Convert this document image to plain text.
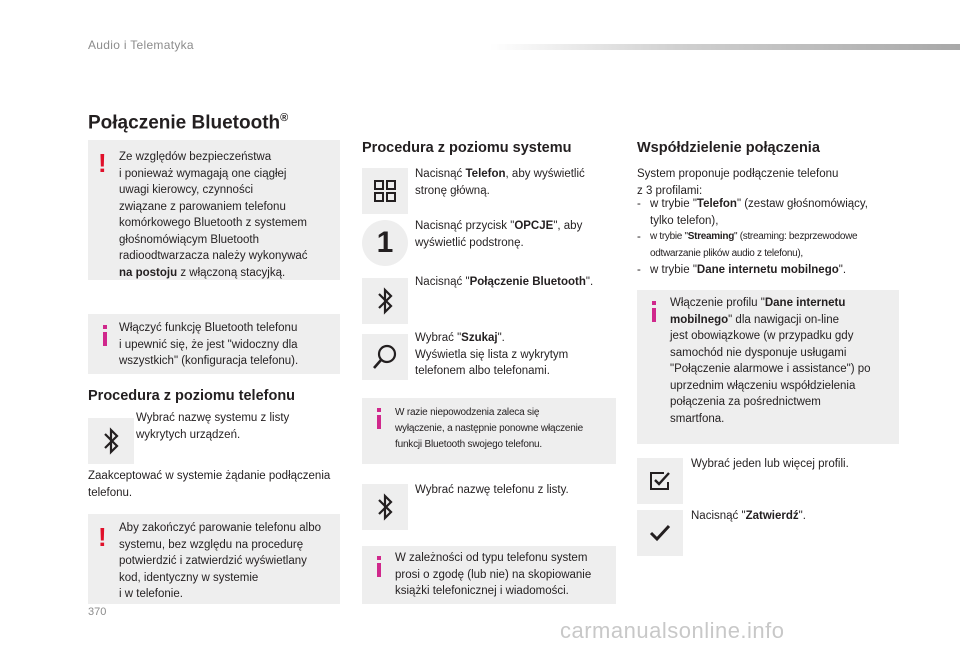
Audio i Telematyka
Połączenie Bluetooth®
! Ze względów bezpieczeństwa
i ponieważ wymagają one ciągłej
uwagi kierowcy, czynności
związane z parowaniem telefonu
komórkowego Bluetooth z systemem
głośnomówiącym Bluetooth
radioodtwarzacza należy wykonywać
na postoju z włączoną stacyjką.
Włączyć funkcję Bluetooth telefonu
i upewnić się, że jest "widoczny dla
wszystkich" (konfiguracja telefonu).
Procedura z poziomu telefonu
Wybrać nazwę systemu z listy
wykrytych urządzeń.
Zaakceptować w systemie żądanie podłączenia
telefonu.
! Aby zakończyć parowanie telefonu albo
systemu, bez względu na procedurę
potwierdzić i zatwierdzić wyświetlany
kod, identyczny w systemie
i w telefonie.
Procedura z poziomu systemu
Nacisnąć Telefon, aby wyświetlić
stronę główną.
1	Nacisnąć przycisk "OPCJE", aby
wyświetlić podstronę.
Nacisnąć "Połączenie Bluetooth".
Wybrać "Szukaj".
Wyświetla się lista z wykrytym
telefonem albo telefonami.
W razie niepowodzenia zaleca się
wyłączenie, a następnie ponowne włączenie
funkcji Bluetooth swojego telefonu.
Wybrać nazwę telefonu z listy.
W zależności od typu telefonu system
prosi o zgodę (lub nie) na skopiowanie
książki telefonicznej i wiadomości.
Współdzielenie połączenia
System proponuje podłączenie telefonu
z 3 profilami:
- w trybie "Telefon" (zestaw głośnomówiący,
tylko telefon),
- w trybie "Streaming" (streaming: bezprzewodowe
odtwarzanie plików audio z telefonu),
- w trybie "Dane internetu mobilnego".
Włączenie profilu "Dane internetu
mobilnego" dla nawigacji on-line
jest obowiązkowe (w przypadku gdy
samochód nie dysponuje usługami
"Połączenie alarmowe i assistance") po
uprzednim włączeniu współdzielenia
połączenia za pośrednictwem
smartfona.
Wybrać jeden lub więcej profili.
Nacisnąć "Zatwierdź".
370
carmanualsonline.info
